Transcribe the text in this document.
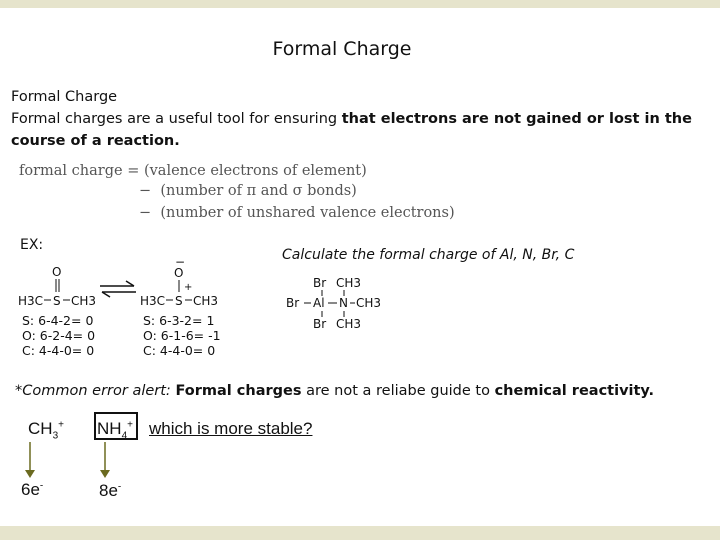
Formal Charge
Formal Charge
Formal charges are a useful tool for ensuring that electrons are not gained or lost in the course of a reaction.
formal charge = (valence electrons of element)
− (number of π and σ bonds)
− (number of unshared valence electrons)
EX:
Calculate the formal charge of Al, N, Br, C
O
S
H3C CH3
−
O
+
S
H3C CH3
S: 6-4-2= 0
O: 6-2-4= 0
C: 4-4-0= 0
S: 6-3-2= 1
O: 6-1-6= -1
C: 4-4-0= 0
Br CH3
Br Al N CH3
Br CH3
*Common error alert: Formal charges are not a reliabe guide to chemical reactivity.
$CH_3^+$ $NH_4^+$ which is more stable?
6e-	8e-
